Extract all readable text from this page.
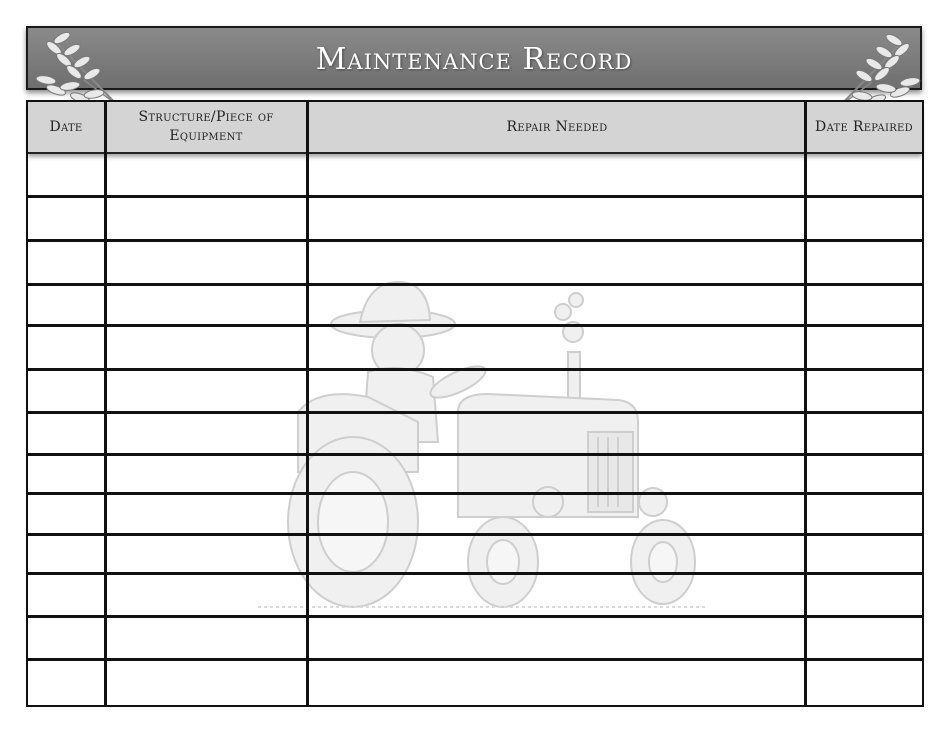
Maintenance Record
Date
Structure/Piece of Equipment
Repair Needed	Date Repaired
